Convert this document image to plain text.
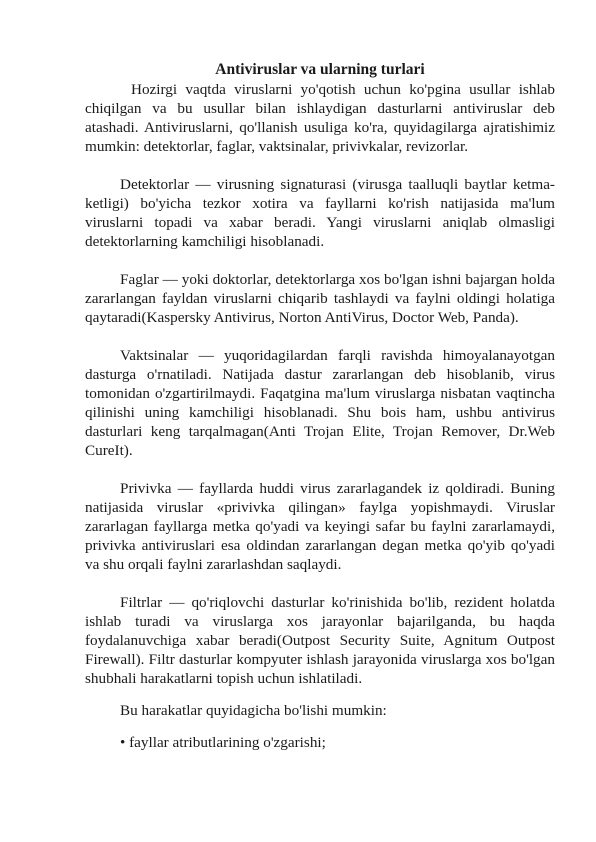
Antiviruslar va ularning turlari

Hozirgi vaqtda viruslarni yo'qotish uchun ko'pgina usullar ishlab chiqilgan va bu usullar bilan ishlaydigan dasturlarni antiviruslar deb atashadi. Antiviruslarni, qo'llanish usuliga ko'ra, quyidagilarga ajratishimiz mumkin: detektorlar, faglar, vaktsinalar, privivkalar, revizorlar.

Detektorlar — virusning signaturasi (virusga taalluqli baytlar ketma-ketligi) bo'yicha tezkor xotira va fayllarni ko'rish natijasida ma'lum viruslarni topadi va xabar beradi. Yangi viruslarni aniqlab olmasligi detektorlarning kamchiligi hisoblanadi.

Faglar — yoki doktorlar, detektorlarga xos bo'lgan ishni bajargan holda zararlangan fayldan viruslarni chiqarib tashlaydi va faylni oldingi holatiga qaytaradi(Kaspersky Antivirus, Norton AntiVirus, Doctor Web, Panda).

Vaktsinalar — yuqoridagilardan farqli ravishda himoyalanayotgan dasturga o'rnatiladi. Natijada dastur zararlangan deb hisoblanib, virus tomonidan o'zgartirilmaydi. Faqatgina ma'lum viruslarga nisbatan vaqtincha qilinishi uning kamchiligi hisoblanadi. Shu bois ham, ushbu antivirus dasturlari keng tarqalmagan(Anti Trojan Elite, Trojan Remover, Dr.Web CureIt).

Privivka — fayllarda huddi virus zararlagandek iz qoldiradi. Buning natijasida viruslar «privivka qilingan» faylga yopishmaydi. Viruslar zararlagan fayllarga metka qo'yadi va keyingi safar bu faylni zararlamaydi, privivka antiviruslari esa oldindan zararlangan degan metka qo'yib qo'yadi va shu orqali faylni zararlashdan saqlaydi.

Filtrlar — qo'riqlovchi dasturlar ko'rinishida bo'lib, rezident holatda ishlab turadi va viruslarga xos jarayonlar bajarilganda, bu haqda foydalanuvchiga xabar beradi(Outpost Security Suite, Agnitum Outpost Firewall). Filtr dasturlar kompyuter ishlash jarayonida viruslarga xos bo'lgan shubhali harakatlarni topish uchun ishlatiladi.

Bu harakatlar quyidagicha bo'lishi mumkin:

• fayllar atributlarining o'zgarishi;
